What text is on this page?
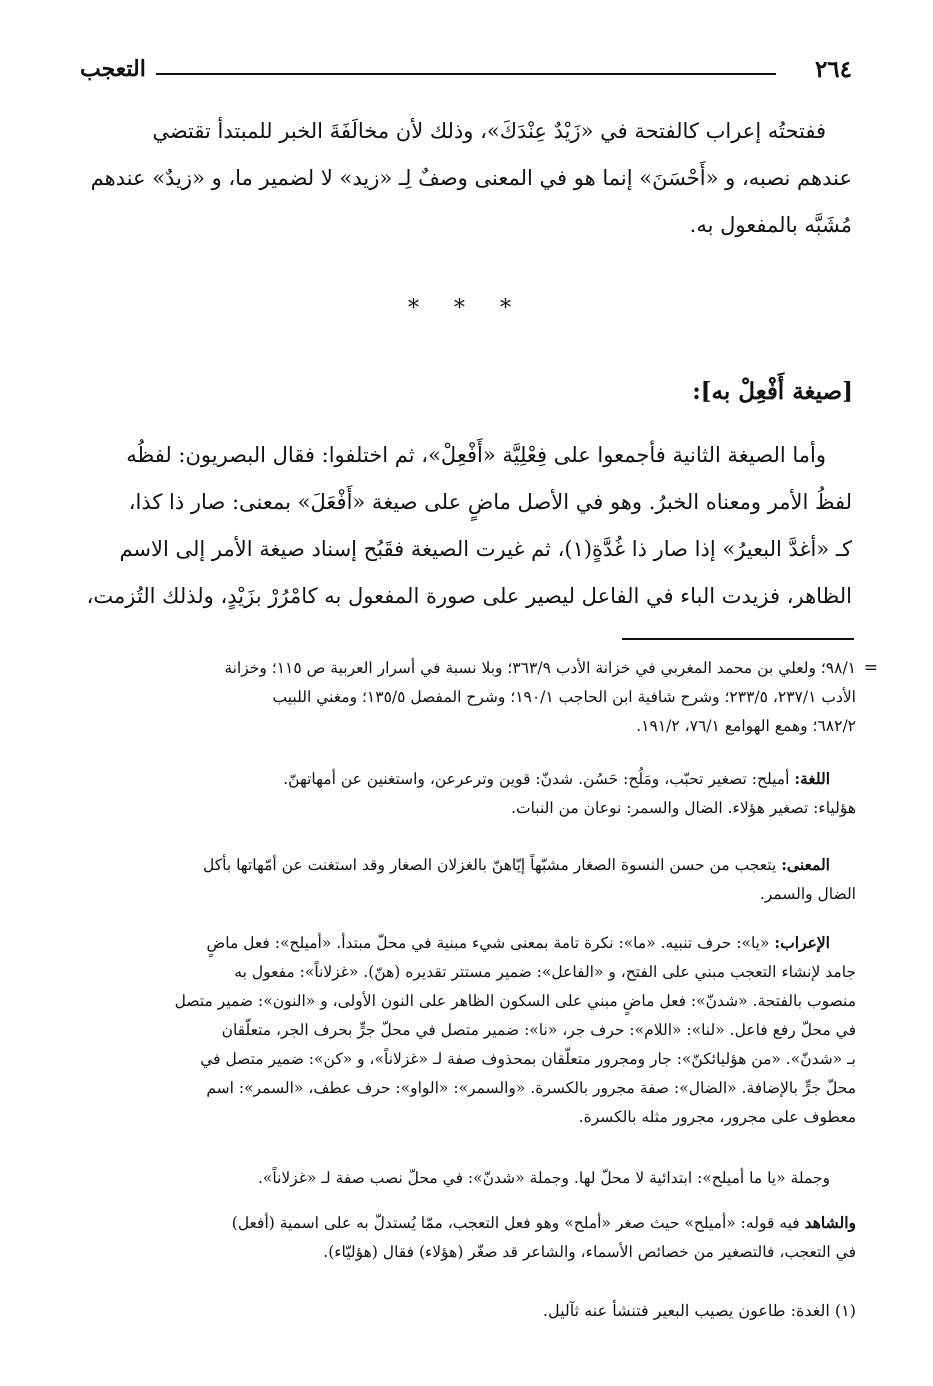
٢٦٤
التعجب

ففتحتُه إعراب كالفتحة في «زَيْدٌ عِنْدَكَ»، وذلك لأن مخالَفَةَ الخبر للمبتدأ تقتضي

عندهم نصبه، و «أَحْسَنَ» إنما هو في المعنى وصفٌ لِـ «زيد» لا لضمير ما، و «زيدٌ» عندهم

مُشَبَّه بالمفعول به.

* * *
[صيغة أَفْعِلْ به]:

وأما الصيغة الثانية فأجمعوا على فِعْلِيَّة «أَفْعِلْ»، ثم اختلفوا: فقال البصريون: لفظُه

لفظُ الأمر ومعناه الخبرُ. وهو في الأصل ماضٍ على صيغة «أَفْعَلَ» بمعنى: صار ذا كذا،

كـ «أغدَّ البعيرُ» إذا صار ذا غُدَّةٍ(١)، ثم غيرت الصيغة فقَبُح إسناد صيغة الأمر إلى الاسم

الظاهر، فزيدت الباء في الفاعل ليصير على صورة المفعول به كامْرُرْ بزَيْدٍ، ولذلك التُزمت،

=

٩٨/١؛ ولعلي بن محمد المغربي في خزانة الأدب ٣٦٣/٩؛ وبلا نسبة في أسرار العربية ص ١١٥؛ وخزانة

الأدب ٢٣٧/١، ٢٣٣/٥؛ وشرح شافية ابن الحاجب ١٩٠/١؛ وشرح المفصل ١٣٥/٥؛ ومغني اللبيب

٦٨٢/٢؛ وهمع الهوامع ٧٦/١، ١٩١/٢.

اللغة: أميلح: تصغير تحبّب، ومَلُح: حَسُن. شدنّ: قوين وترعرعن، واستغنين عن أمهاتهنّ.

هؤلياء: تصغير هؤلاء. الضال والسمر: نوعان من النبات.

المعنى: يتعجب من حسن النسوة الصغار مشبّهاً إيّاهنّ بالغزلان الصغار وقد استغنت عن أمّهاتها بأكل

الضال والسمر.

الإعراب: «يا»: حرف تنبيه. «ما»: نكرة تامة بمعنى شيء مبنية في محلّ مبتدأ. «أميلح»: فعل ماضٍ

جامد لإنشاء التعجب مبني على الفتح، و «الفاعل»: ضمير مستتر تقديره (هنّ). «غزلاناً»: مفعول به

منصوب بالفتحة. «شدنّ»: فعل ماضٍ مبني على السكون الظاهر على النون الأولى، و «النون»: ضمير متصل

في محلّ رفع فاعل. «لنا»: «اللام»: حرف جر، «نا»: ضمير متصل في محلّ جرٍّ بحرف الجر، متعلّقان

بـ «شدنّ». «من هؤليائكنّ»: جار ومجرور متعلّقان بمحذوف صفة لـ «غزلاناً»، و «كن»: ضمير متصل في

محلّ جرٍّ بالإضافة. «الضال»: صفة مجرور بالكسرة. «والسمر»: «الواو»: حرف عطف، «السمر»: اسم

معطوف على مجرور، مجرور مثله بالكسرة.

وجملة «يا ما أميلح»: ابتدائية لا محلّ لها. وجملة «شدنّ»: في محلّ نصب صفة لـ «غزلاناً».

والشاهد فيه قوله: «أميلح» حيث صغر «أملح» وهو فعل التعجب، ممّا يُستدلّ به على اسمية (أفعل)

في التعجب، فالتصغير من خصائص الأسماء، والشاعر قد صغّر (هؤلاء) فقال (هؤليّاء).

(١) الغدة: طاعون يصيب البعير فتنشأ عنه ثآليل.
